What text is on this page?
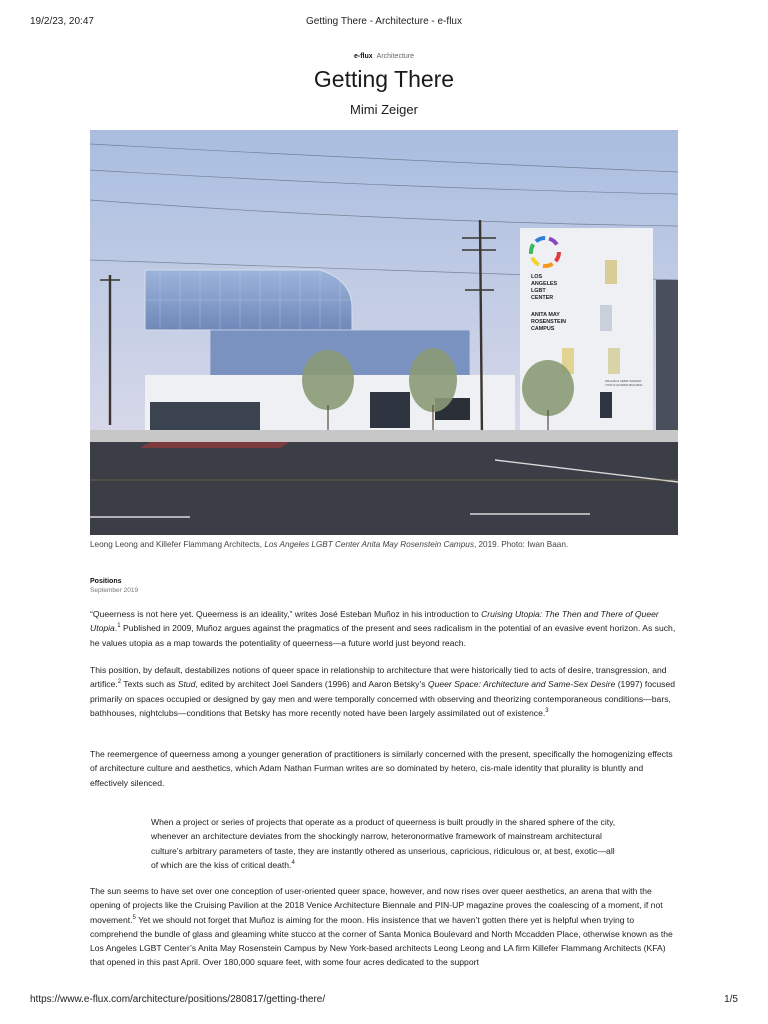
19/2/23, 20:47	Getting There - Architecture - e-flux
e-flux Architecture
Getting There
Mimi Zeiger
LOS
ANGELES
LGBT
CENTER
ANITA MAY
ROSENSTEIN
CAMPUS
WILLIAM & CERIF SAVIANO
YOUTH HOUSING BUILDING
Leong Leong and Killefer Flammang Architects, Los Angeles LGBT Center Anita May Rosenstein Campus, 2019. Photo: Iwan Baan.
Positions
September 2019

“Queerness is not here yet. Queerness is an ideality,” writes José Esteban Muñoz in his introduction to Cruising Utopia: The Then and There of Queer Utopia.$^1$ Published in 2009, Muñoz argues against the pragmatics of the present and sees radicalism in the potential of an evasive event horizon. As such, he values utopia as a map towards the potentiality of queerness—a future world just beyond reach.

This position, by default, destabilizes notions of queer space in relationship to architecture that were historically tied to acts of desire, transgression, and artifice.$^2$ Texts such as Stud, edited by architect Joel Sanders (1996) and Aaron Betsky’s Queer Space: Architecture and Same-Sex Desire (1997) focused primarily on spaces occupied or designed by gay men and were temporally concerned with observing and theorizing contemporaneous conditions—bars, bathhouses, nightclubs—conditions that Betsky has more recently noted have been largely assimilated out of existence.$^3$

The reemergence of queerness among a younger generation of practitioners is similarly concerned with the present, specifically the homogenizing effects of architecture culture and aesthetics, which Adam Nathan Furman writes are so dominated by hetero, cis-male identity that plurality is bluntly and effectively silenced.

When a project or series of projects that operate as a product of queerness is built proudly in the shared sphere of the city, whenever an architecture deviates from the shockingly narrow, heteronormative framework of mainstream architectural culture’s arbitrary parameters of taste, they are instantly othered as unserious, capricious, ridiculous or, at best, exotic—all of which are the kiss of critical death.$^4$

The sun seems to have set over one conception of user-oriented queer space, however, and now rises over queer aesthetics, an arena that with the opening of projects like the Cruising Pavilion at the 2018 Venice Architecture Biennale and PIN-UP magazine proves the coalescing of a moment, if not movement.$^5$ Yet we should not forget that Muñoz is aiming for the moon. His insistence that we haven’t gotten there yet is helpful when trying to comprehend the bundle of glass and gleaming white stucco at the corner of Santa Monica Boulevard and North Mccadden Place, otherwise known as the Los Angeles LGBT Center’s Anita May Rosenstein Campus by New York-based architects Leong Leong and LA firm Killefer Flammang Architects (KFA) that opened in this past April. Over 180,000 square feet, with some four acres dedicated to the support

https://www.e-flux.com/architecture/positions/280817/getting-there/	1/5
